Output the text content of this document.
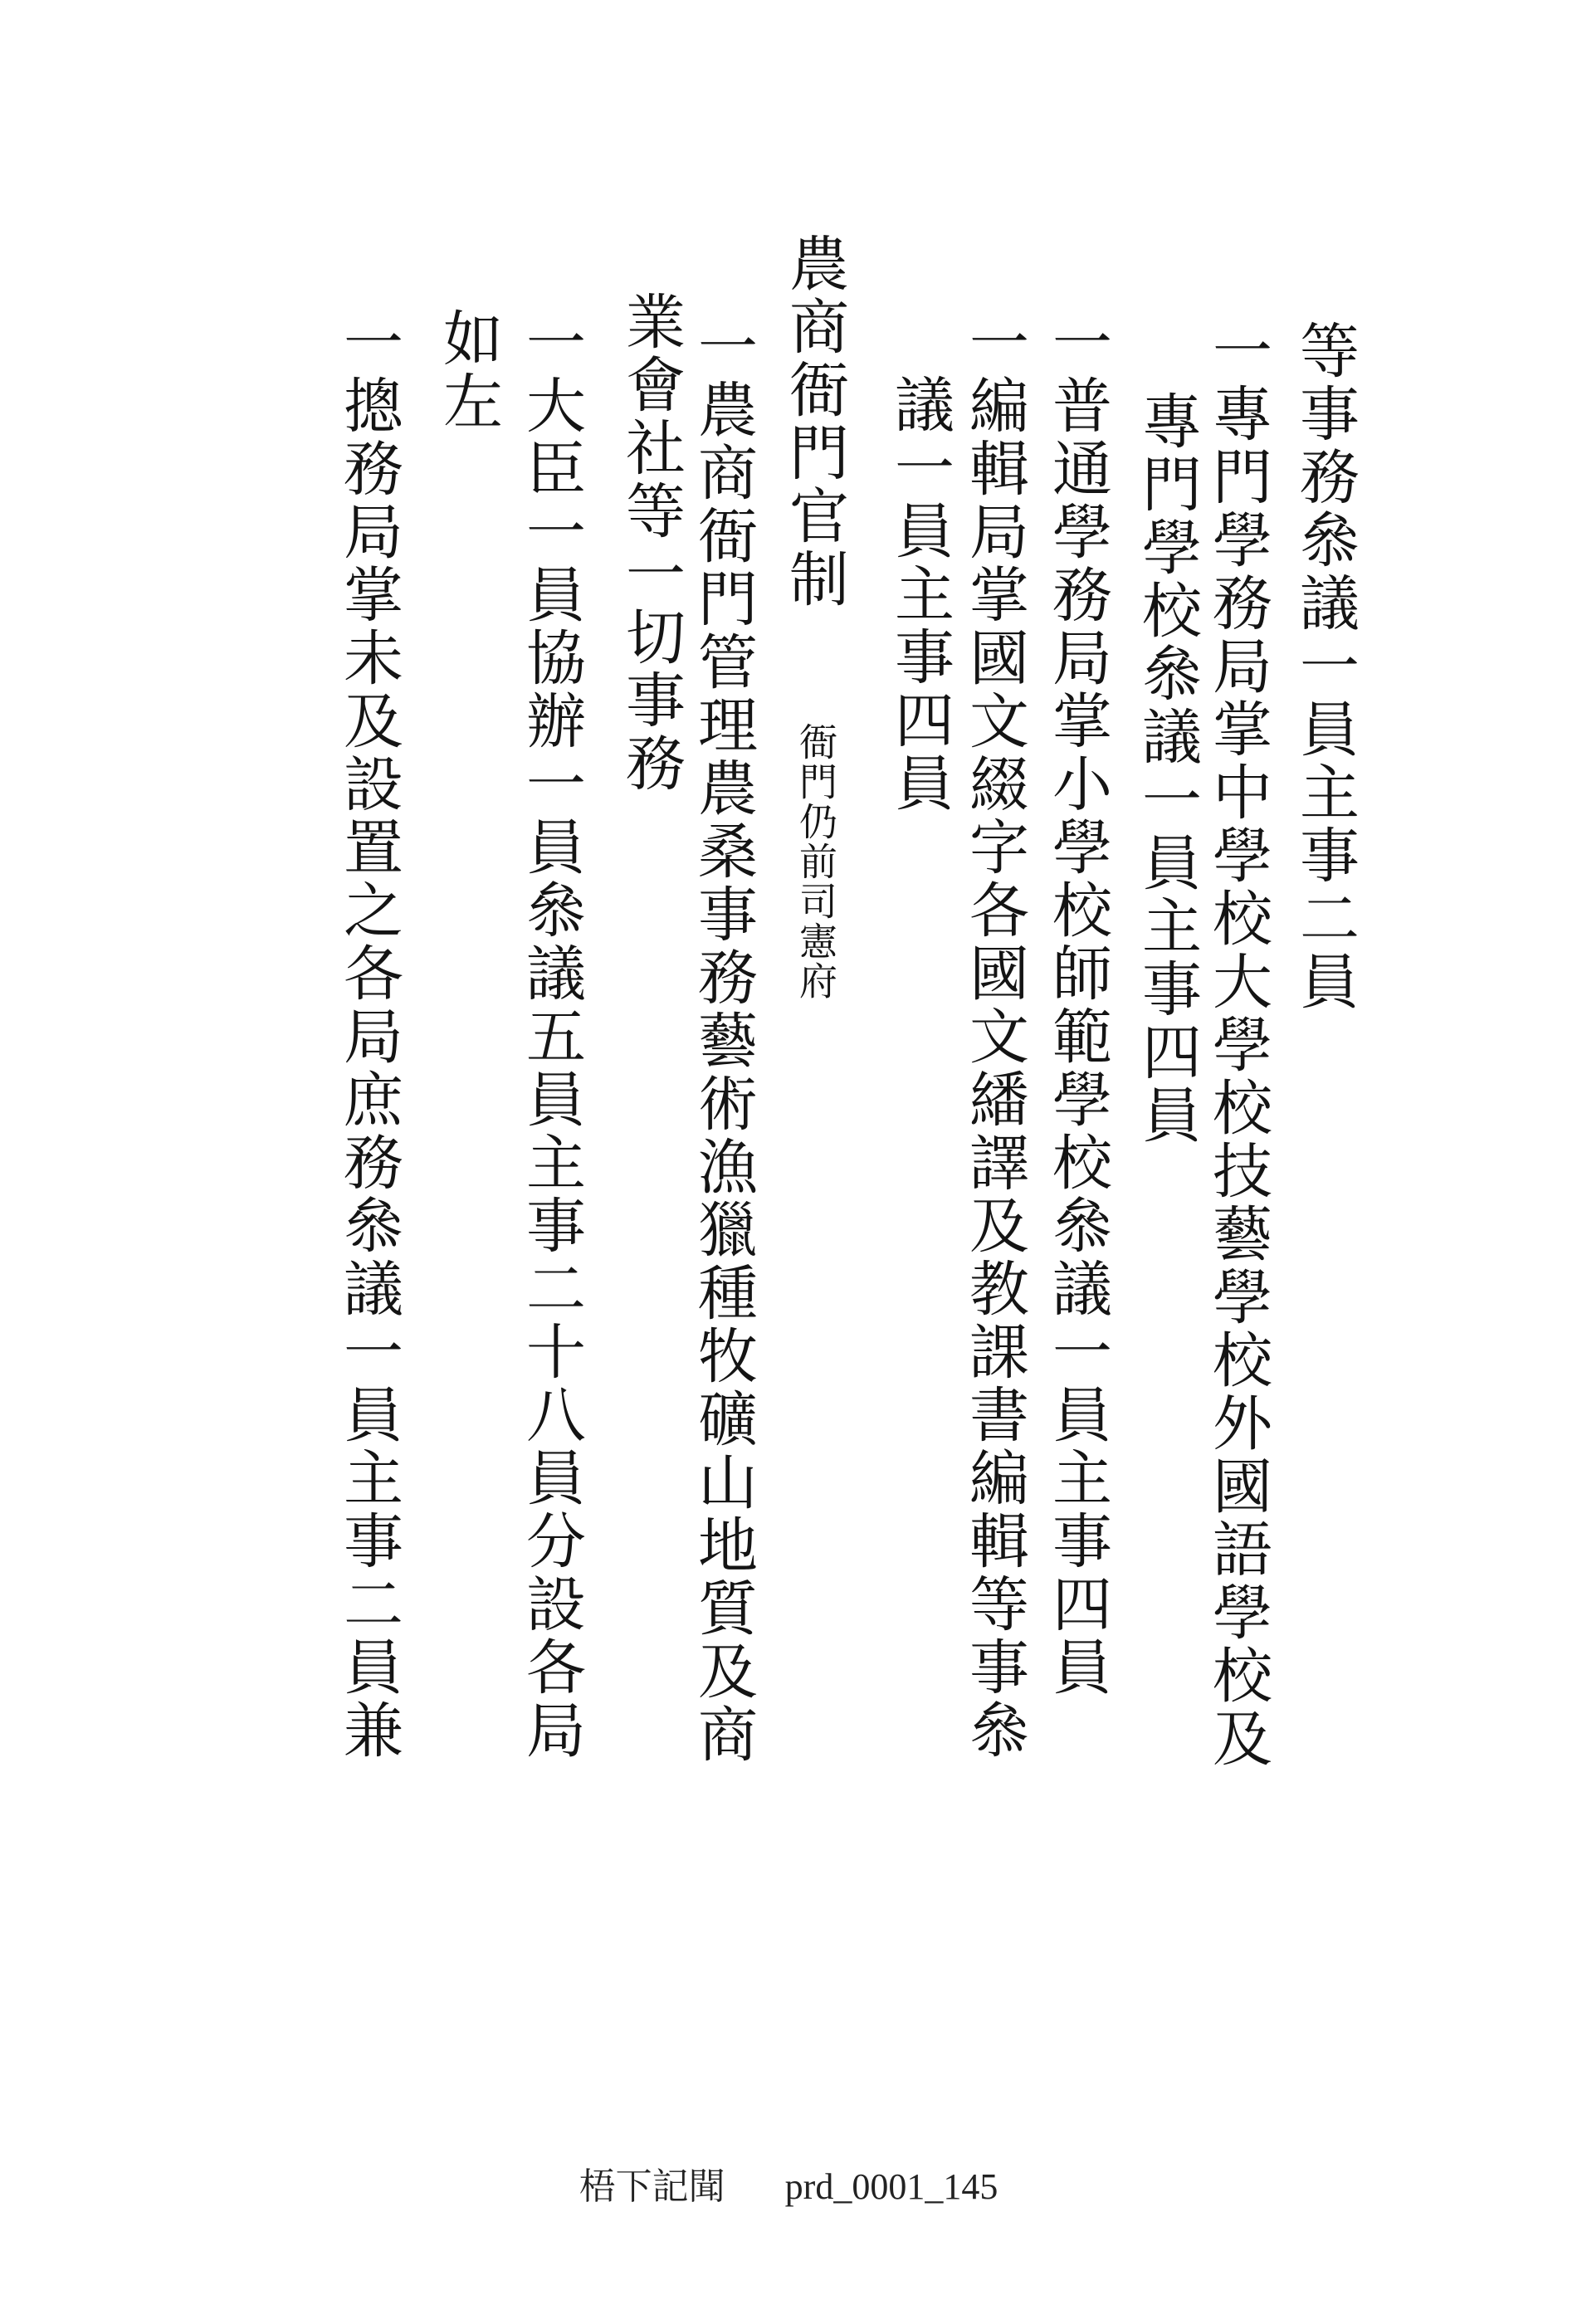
等事務叅議一員主事二員
一專門學務局掌中學校大學校技藝學校外國語學校及
專門學校叅議一員主事四員
一普通學務局掌小學校師範學校叅議一員主事四員
一編輯局掌國文綴字各國文繙譯及教課書編輯等事叅
議一員主事四員
衙門仍前司憲府
農商衙門官制
一農商衙門管理農桑事務藝術漁獵種牧礦山地質及商
業會社等一切事務
一大臣一員協辦一員叅議五員主事二十八員分設各局
如左
一摠務局掌未及設置之各局庶務叅議一員主事二員兼
梧下記聞 prd_0001_145
